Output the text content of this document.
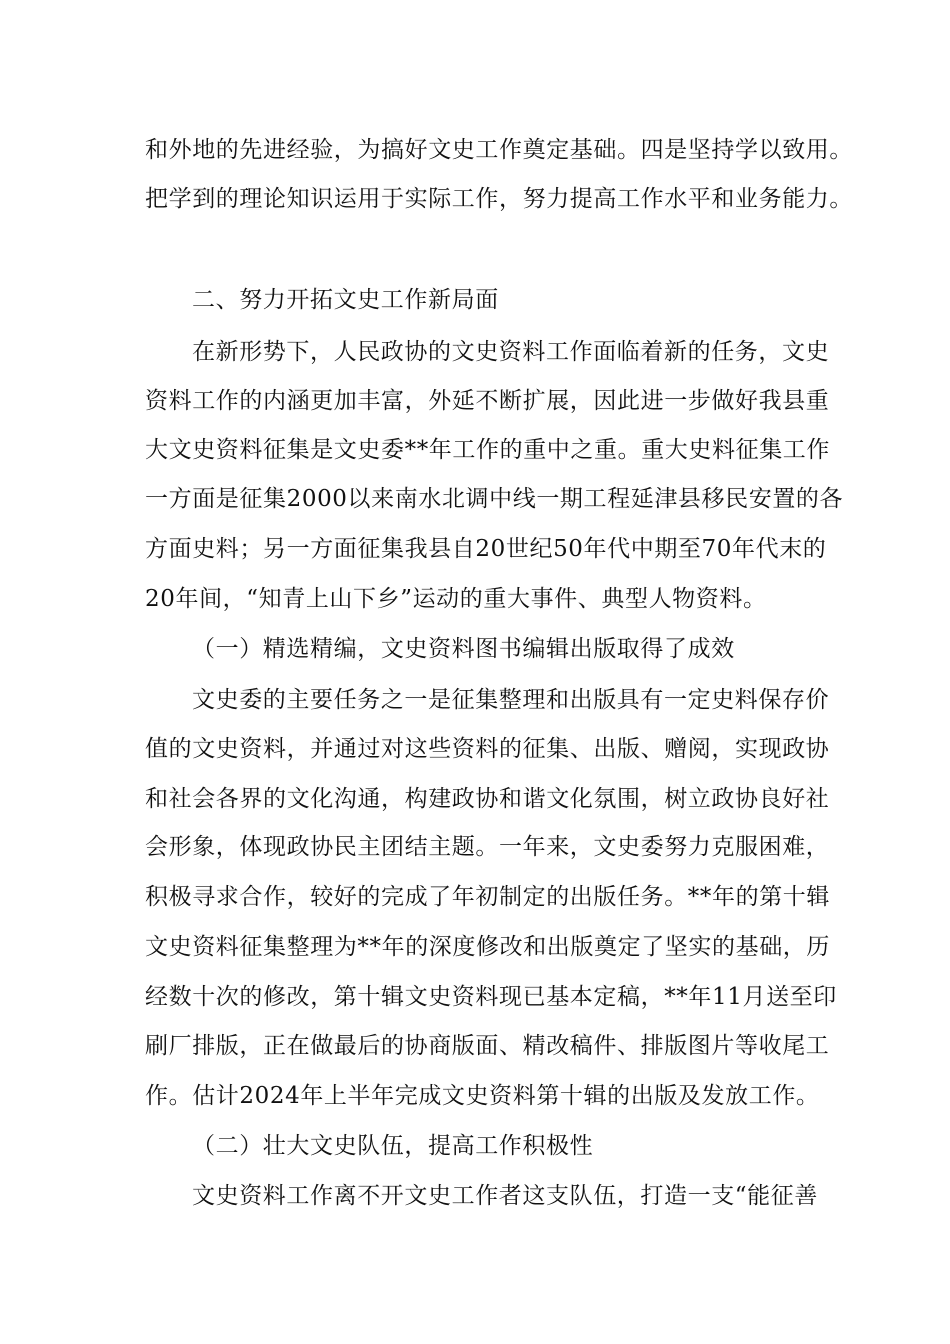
和外地的先进经验，为搞好文史工作奠定基础。四是坚持学以致用。
把学到的理论知识运用于实际工作，努力提高工作水平和业务能力。
二、努力开拓文史工作新局面
在新形势下，人民政协的文史资料工作面临着新的任务，文史
资料工作的内涵更加丰富，外延不断扩展，因此进一步做好我县重
大文史资料征集是文史委**年工作的重中之重。重大史料征集工作
一方面是征集2000以来南水北调中线一期工程延津县移民安置的各
方面史料；另一方面征集我县自20世纪50年代中期至70年代末的
20年间，“知青上山下乡”运动的重大事件、典型人物资料。
（一）精选精编，文史资料图书编辑出版取得了成效
文史委的主要任务之一是征集整理和出版具有一定史料保存价
值的文史资料，并通过对这些资料的征集、出版、赠阅，实现政协
和社会各界的文化沟通，构建政协和谐文化氛围，树立政协良好社
会形象，体现政协民主团结主题。一年来，文史委努力克服困难，
积极寻求合作，较好的完成了年初制定的出版任务。**年的第十辑
文史资料征集整理为**年的深度修改和出版奠定了坚实的基础，历
经数十次的修改，第十辑文史资料现已基本定稿，**年11月送至印
刷厂排版，正在做最后的协商版面、精改稿件、排版图片等收尾工
作。估计2024年上半年完成文史资料第十辑的出版及发放工作。
（二）壮大文史队伍，提高工作积极性
文史资料工作离不开文史工作者这支队伍，打造一支“能征善
